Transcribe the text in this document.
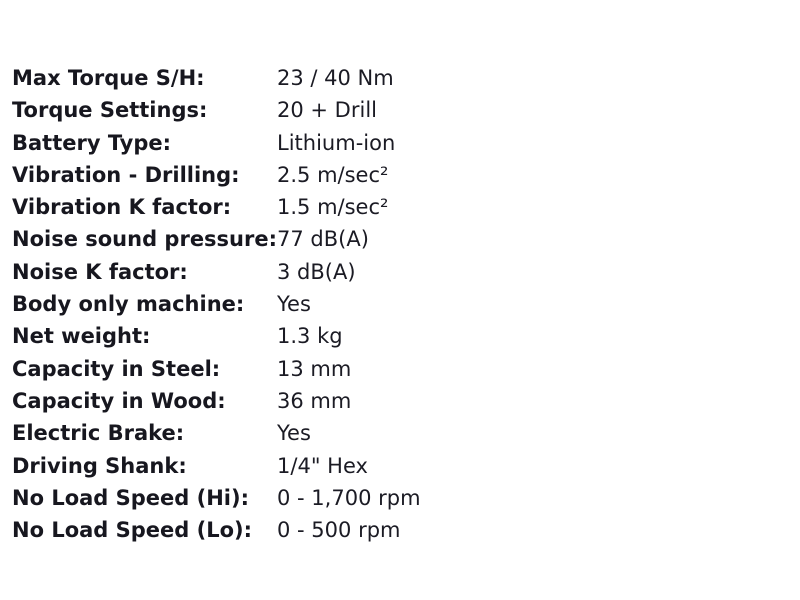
Max Torque S/H:	23 / 40 Nm
Torque Settings:	20 + Drill
Battery Type:	Lithium-ion
Vibration - Drilling:	2.5 m/sec²
Vibration K factor:	1.5 m/sec²
Noise sound pressure:	77 dB(A)
Noise K factor:	3 dB(A)
Body only machine:	Yes
Net weight:	1.3 kg
Capacity in Steel:	13 mm
Capacity in Wood:	36 mm
Electric Brake:	Yes
Driving Shank:	1/4" Hex
No Load Speed (Hi):	0 - 1,700 rpm
No Load Speed (Lo):	0 - 500 rpm
